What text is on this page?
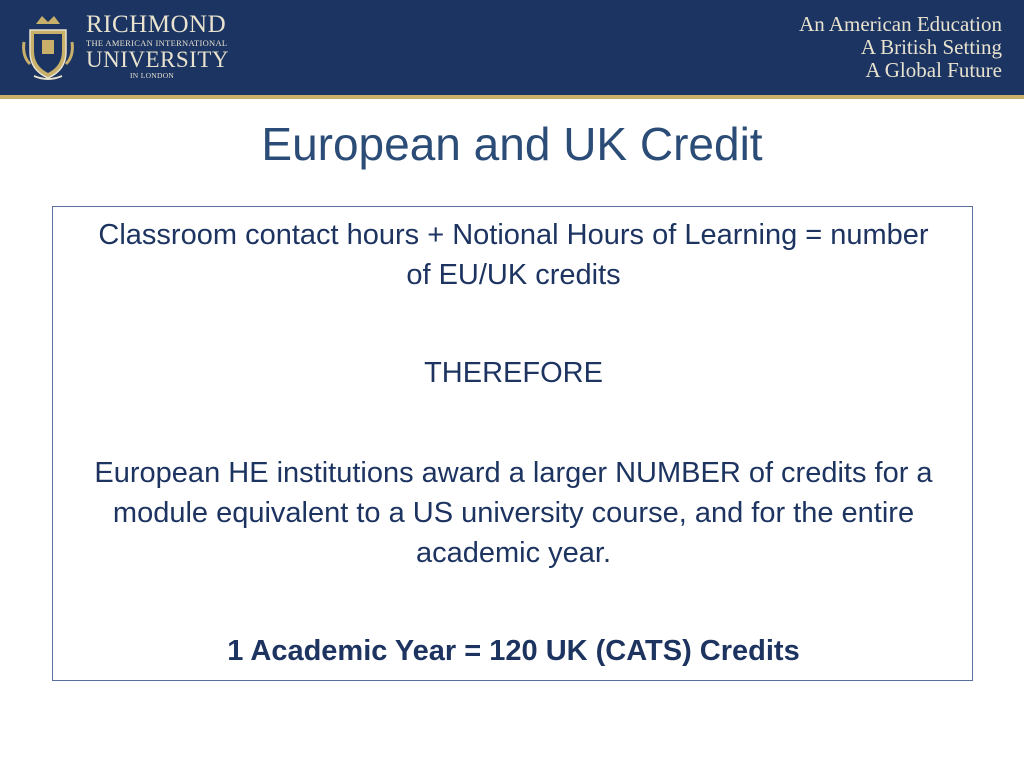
RICHMOND
THE AMERICAN INTERNATIONAL
UNIVERSITY
IN LONDON
An American Education
A British Setting
A Global Future
European and UK Credit

Classroom contact hours + Notional Hours of Learning = number of EU/UK credits

THEREFORE

European HE institutions award a larger NUMBER of credits for a module equivalent to a US university course, and for the entire academic year.

1 Academic Year = 120 UK (CATS) Credits
